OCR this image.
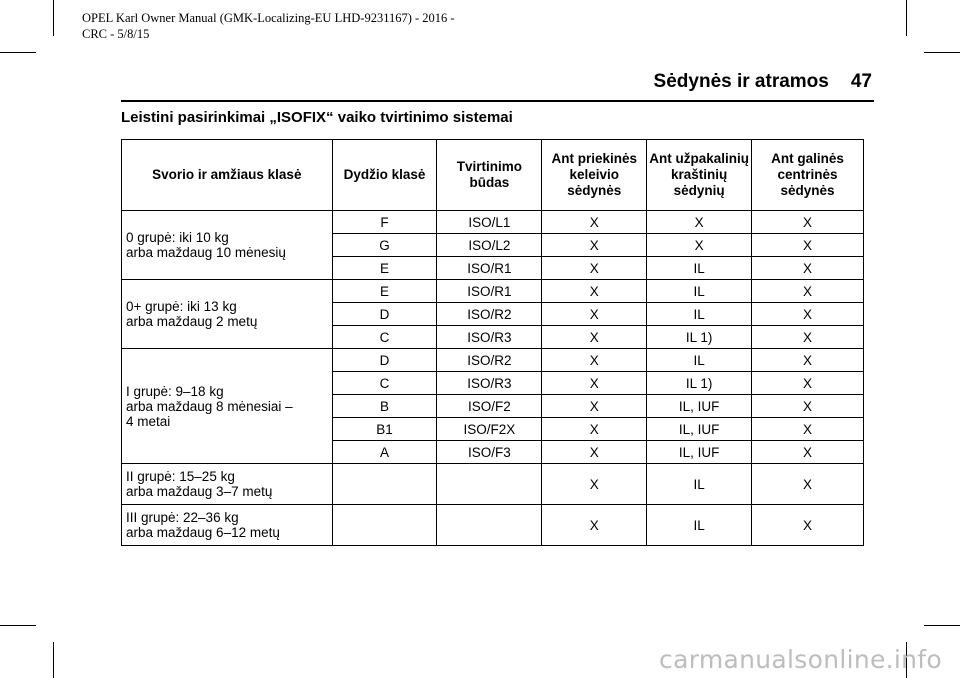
OPEL Karl Owner Manual (GMK-Localizing-EU LHD-9231167) - 2016 -
CRC - 5/8/15
Sėdynės ir atramos 47
Leistini pasirinkimai „ISOFIX“ vaiko tvirtinimo sistemai
Svorio ir amžiaus klasė	Dydžio klasė	Tvirtinimo būdas	Ant priekinės keleivio sėdynės	Ant užpakalinių kraštinių sėdynių	Ant galinės centrinės sėdynės

0 grupė: iki 10 kg
arba maždaug 10 mėnesių	F	ISO/L1	X	X	X
	G	ISO/L2	X	X	X
	E	ISO/R1	X	IL	X

0+ grupė: iki 13 kg
arba maždaug 2 metų	E	ISO/R1	X	IL	X
	D	ISO/R2	X	IL	X
	C	ISO/R3	X	IL 1)	X

I grupė: 9–18 kg
arba maždaug 8 mėnesiai –
4 metai	D	ISO/R2	X	IL	X
	C	ISO/R3	X	IL 1)	X
	B	ISO/F2	X	IL, IUF	X
	B1	ISO/F2X	X	IL, IUF	X
	A	ISO/F3	X	IL, IUF	X

II grupė: 15–25 kg
arba maždaug 3–7 metų			X	IL	X

III grupė: 22–36 kg
arba maždaug 6–12 metų			X	IL	X
carmanualsonline.info
